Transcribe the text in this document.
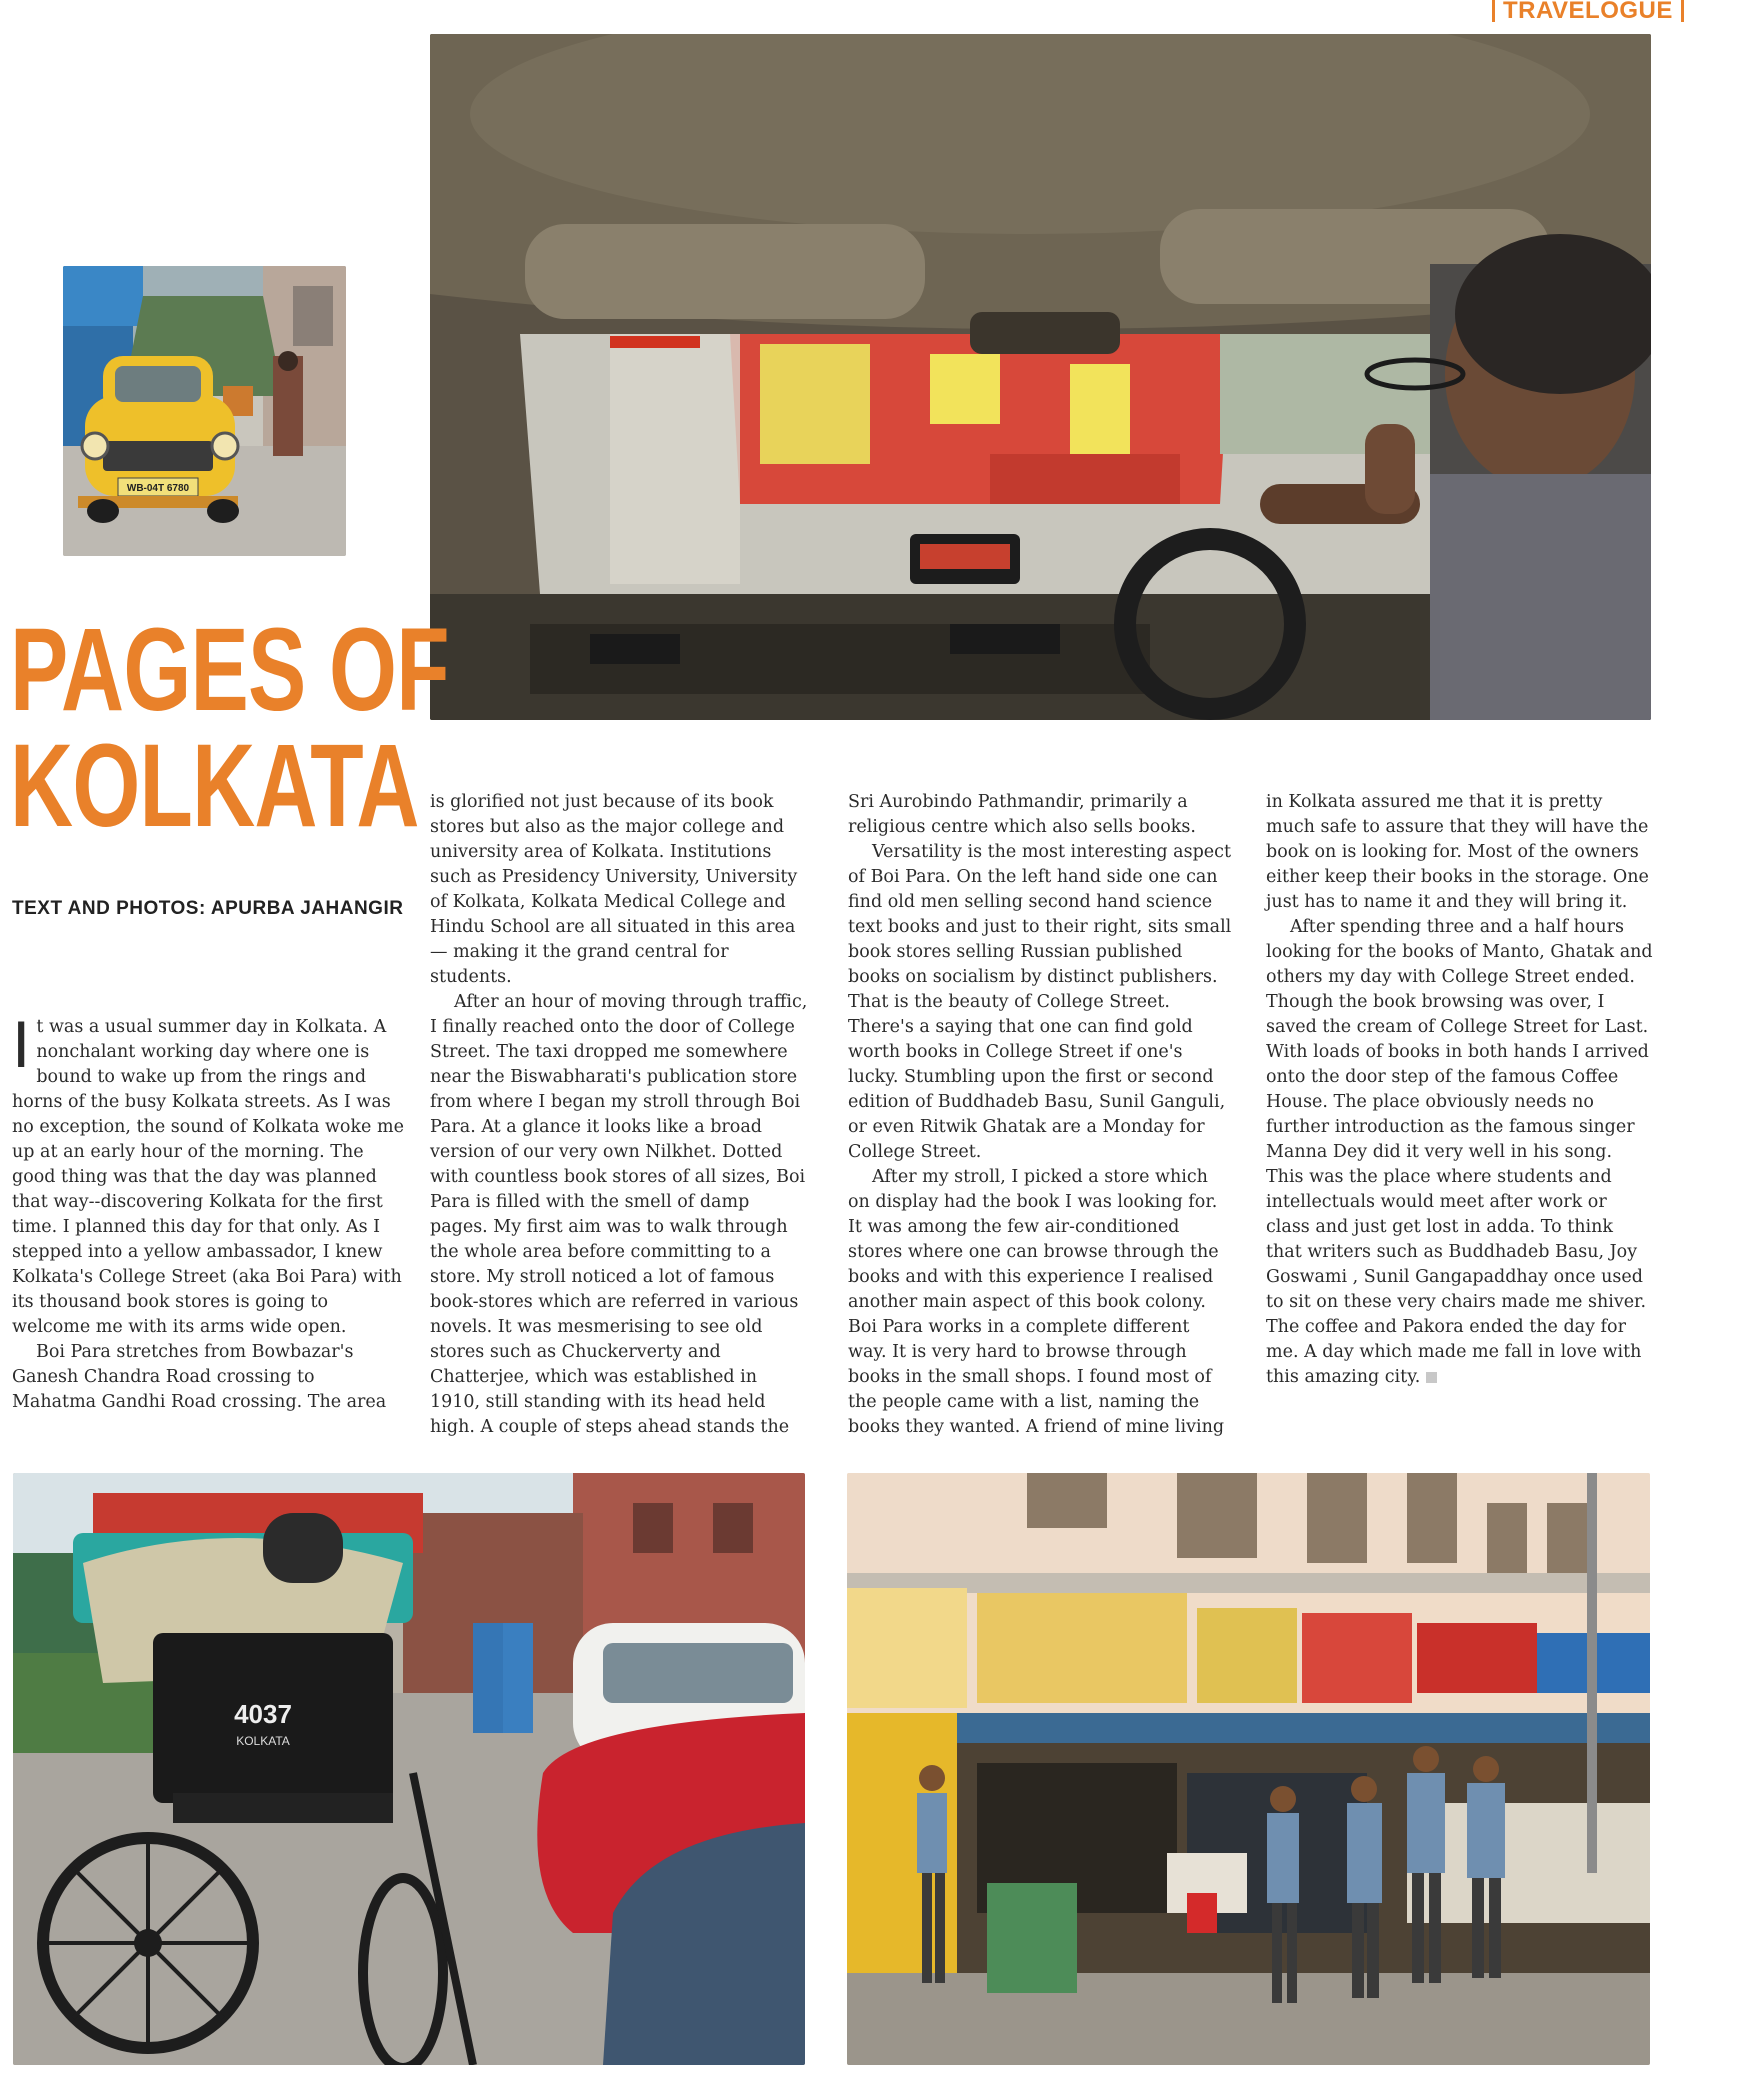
TRAVELOGUE
WB-04T 6780
PAGES OF
KOLKATA
TEXT AND PHOTOS: APURBA JAHANGIR

It was a usual summer day in Kolkata. A nonchalant working day where one is bound to wake up from the rings and horns of the busy Kolkata streets. As I was no exception, the sound of Kolkata woke me up at an early hour of the morning. The good thing was that the day was planned that way--discovering Kolkata for the first time. I planned this day for that only. As I stepped into a yellow ambassador, I knew Kolkata's College Street (aka Boi Para) with its thousand book stores is going to welcome me with its arms wide open.

Boi Para stretches from Bowbazar's Ganesh Chandra Road crossing to Mahatma Gandhi Road crossing. The area

is glorified not just because of its book stores but also as the major college and university area of Kolkata. Institutions such as Presidency University, University of Kolkata, Kolkata Medical College and Hindu School are all situated in this area— making it the grand central for students.

After an hour of moving through traffic, I finally reached onto the door of College Street. The taxi dropped me somewhere near the Biswabharati's publication store from where I began my stroll through Boi Para. At a glance it looks like a broad version of our very own Nilkhet. Dotted with countless book stores of all sizes, Boi Para is filled with the smell of damp pages. My first aim was to walk through the whole area before committing to a store. My stroll noticed a lot of famous book-stores which are referred in various novels. It was mesmerising to see old stores such as Chuckerverty and Chatterjee, which was established in 1910, still standing with its head held high. A couple of steps ahead stands the

Sri Aurobindo Pathmandir, primarily a religious centre which also sells books.

Versatility is the most interesting aspect of Boi Para. On the left hand side one can find old men selling second hand science text books and just to their right, sits small book stores selling Russian published books on socialism by distinct publishers. That is the beauty of College Street. There's a saying that one can find gold worth books in College Street if one's lucky. Stumbling upon the first or second edition of Buddhadeb Basu, Sunil Ganguli, or even Ritwik Ghatak are a Monday for College Street.

After my stroll, I picked a store which on display had the book I was looking for. It was among the few air-conditioned stores where one can browse through the books and with this experience I realised another main aspect of this book colony. Boi Para works in a complete different way. It is very hard to browse through books in the small shops. I found most of the people came with a list, naming the books they wanted. A friend of mine living

in Kolkata assured me that it is pretty much safe to assure that they will have the book on is looking for. Most of the owners either keep their books in the storage. One just has to name it and they will bring it.

After spending three and a half hours looking for the books of Manto, Ghatak and others my day with College Street ended. Though the book browsing was over, I saved the cream of College Street for Last. With loads of books in both hands I arrived onto the door step of the famous Coffee House. The place obviously needs no further introduction as the famous singer Manna Dey did it very well in his song. This was the place where students and intellectuals would meet after work or class and just get lost in adda. To think that writers such as Buddhadeb Basu, Joy Goswami , Sunil Gangapaddhay once used to sit on these very chairs made me shiver. The coffee and Pakora ended the day for me. A day which made me fall in love with this amazing city.

4037
KOLKATA
